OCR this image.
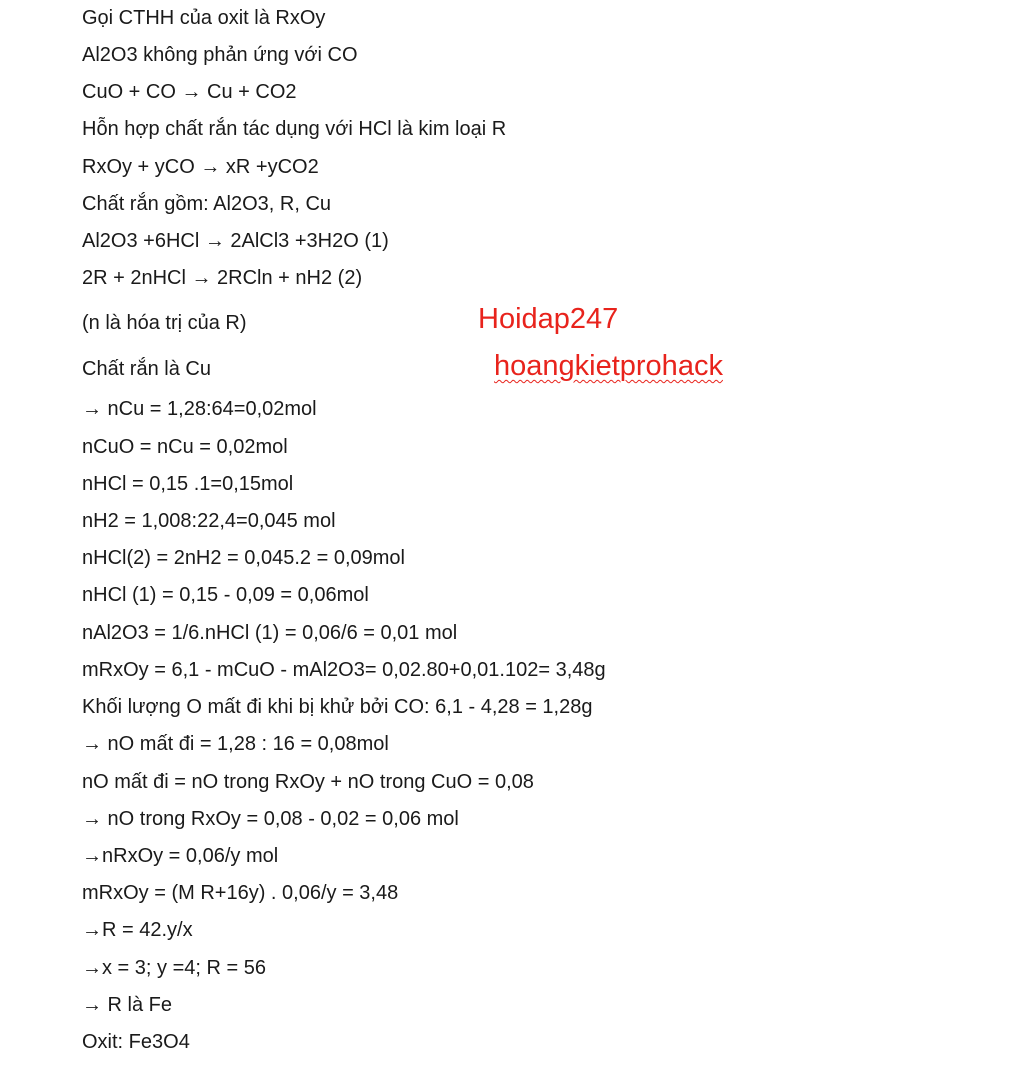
Gọi CTHH của oxit là RxOy
Al2O3 không phản ứng với CO
CuO + CO → Cu + CO2
Hỗn hợp chất rắn tác dụng với HCl là kim loại R
RxOy + yCO → xR +yCO2
Chất rắn gồm: Al2O3, R, Cu
Al2O3 +6HCl → 2AlCl3 +3H2O (1)
2R + 2nHCl → 2RCln + nH2 (2)
(n là hóa trị của R)
Chất rắn là Cu
→ nCu = 1,28:64=0,02mol
nCuO = nCu = 0,02mol
nHCl = 0,15 .1=0,15mol
nH2 = 1,008:22,4=0,045 mol
nHCl(2) = 2nH2 = 0,045.2 = 0,09mol
nHCl (1) = 0,15 - 0,09 = 0,06mol
nAl2O3 = 1/6.nHCl (1) = 0,06/6 = 0,01 mol
mRxOy = 6,1 - mCuO - mAl2O3= 0,02.80+0,01.102= 3,48g
Khối lượng O mất đi khi bị khử bởi CO: 6,1 - 4,28 = 1,28g
→ nO mất đi = 1,28 : 16 = 0,08mol
nO mất đi = nO trong RxOy + nO trong CuO = 0,08
→ nO trong RxOy = 0,08 - 0,02 = 0,06 mol
→nRxOy = 0,06/y mol
mRxOy = (M R+16y) . 0,06/y = 3,48
→R = 42.y/x
→x = 3; y =4; R = 56
→ R là Fe
Oxit: Fe3O4
Hoidap247
hoangkietprohack
